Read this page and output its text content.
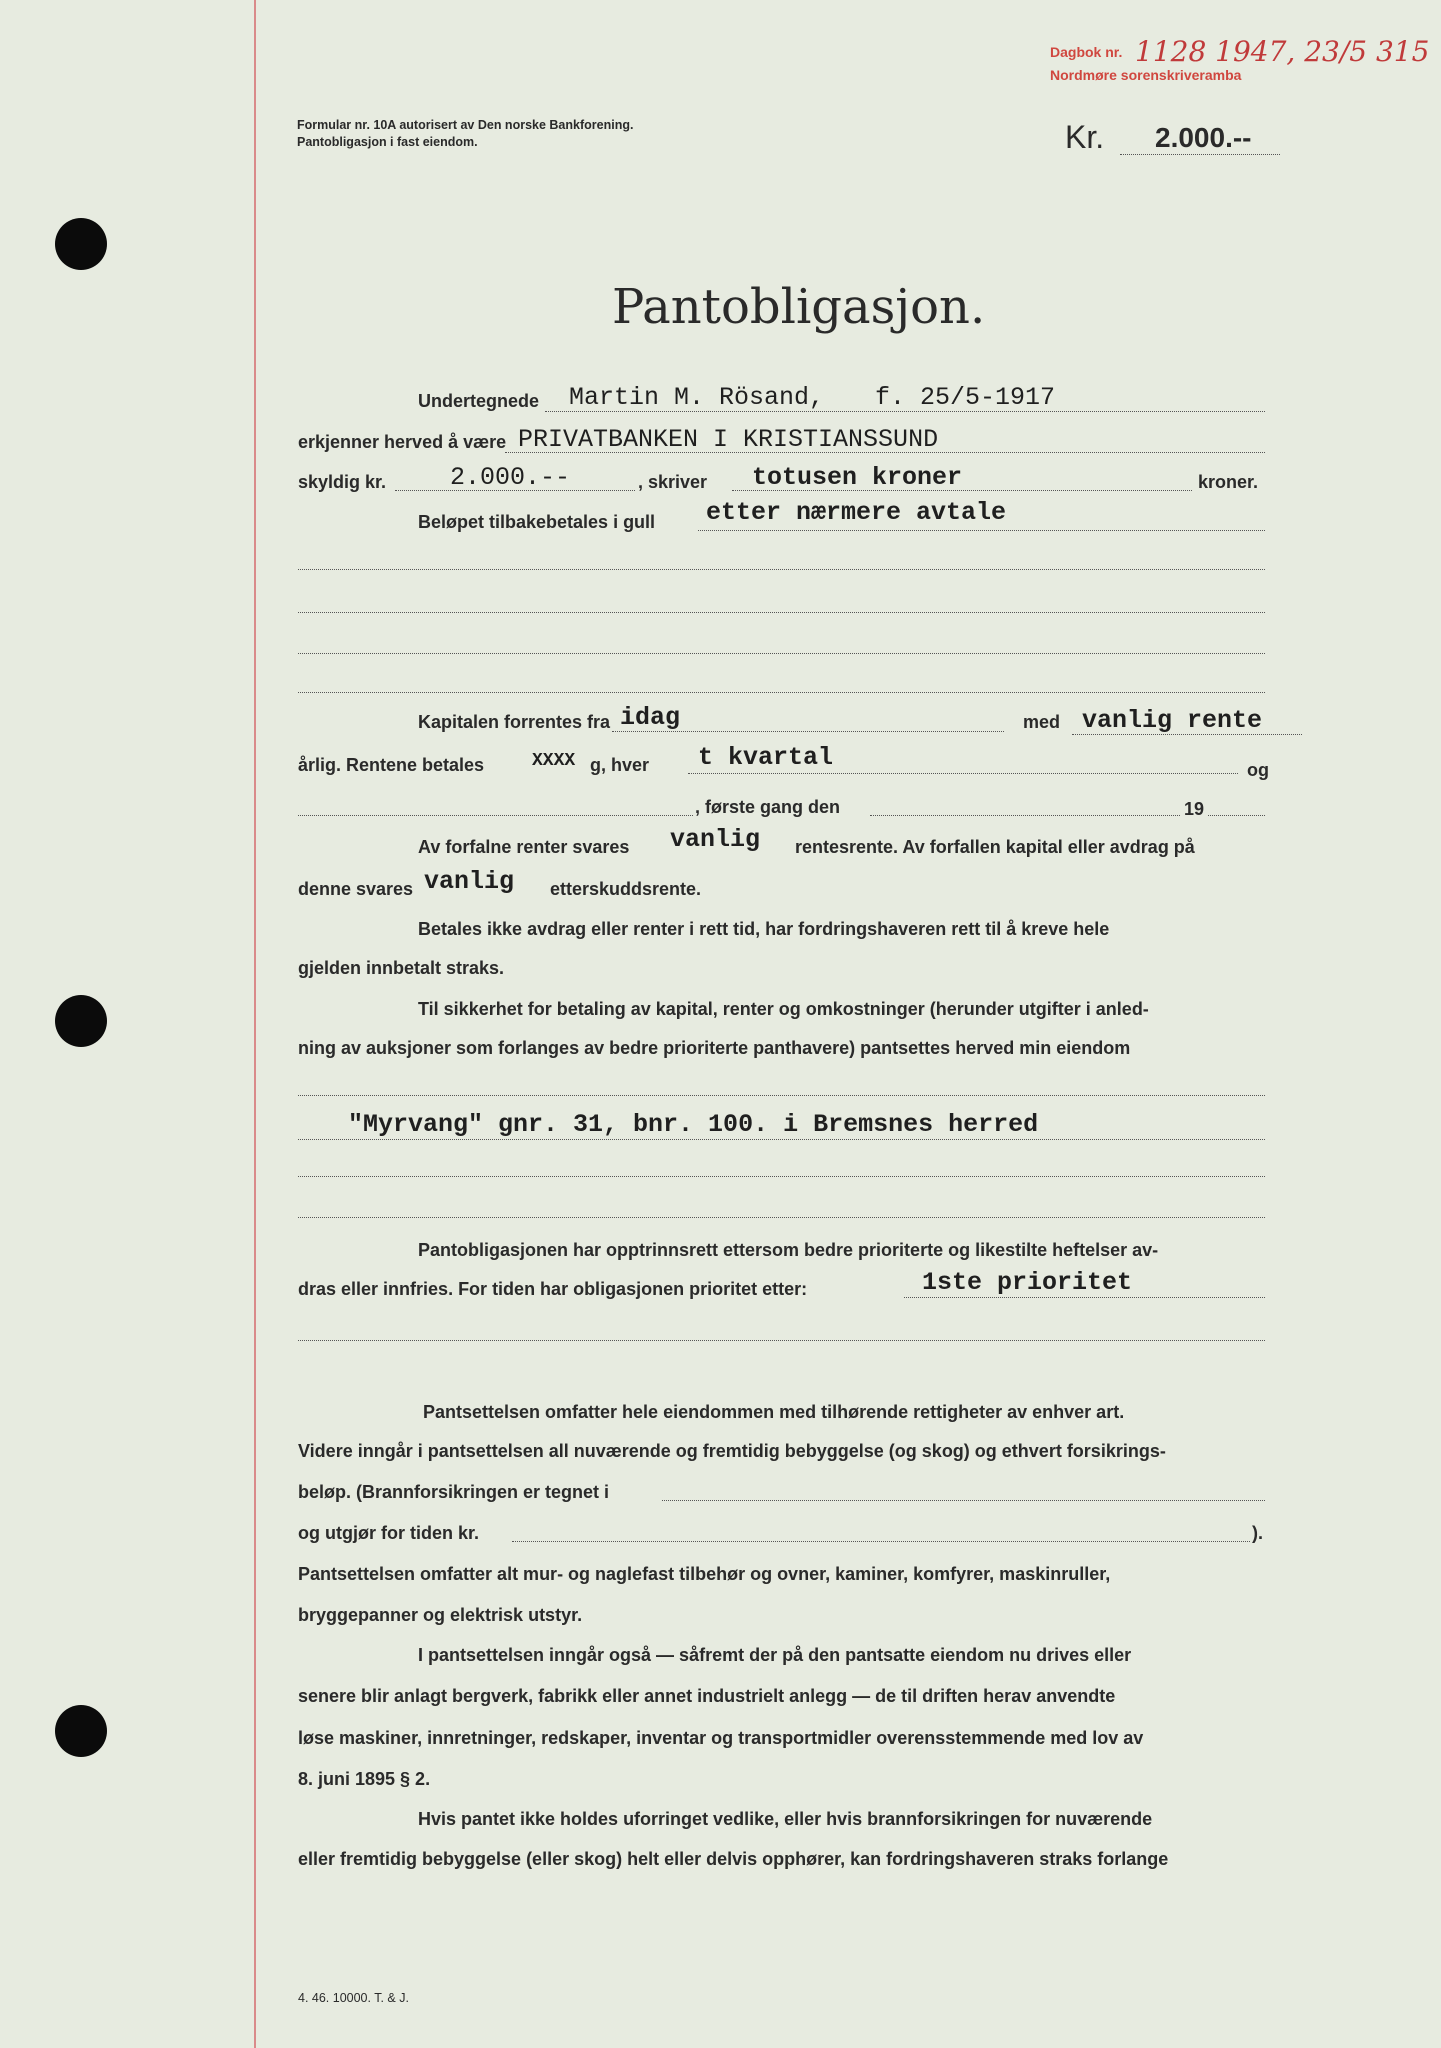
Dagbok nr.
Nordmøre sorenskriveramba
1128 1947, 23/5 315
Formular nr. 10A autorisert av Den norske Bankforening.
Pantobligasjon i fast eiendom.	Kr. 2.000.--
Pantobligasjon.
Undertegnede Martin M. Rösand, f. 25/5-1917
erkjenner herved å være PRIVATBANKEN I KRISTIANSSUND
skyldig kr.	2.000.--	, skriver totusen kroner	kroner.
Beløpet tilbakebetales i gull etter nærmere avtale
Kapitalen forrentes fra idag	med vanlig rente
årlig. Rentene betales	XXXX g, hver t kvartal	og
, første gang den	19
Av forfalne renter svares vanlig rentesrente. Av forfallen kapital eller avdrag på
denne svares vanlig etterskuddsrente.
Betales ikke avdrag eller renter i rett tid, har fordringshaveren rett til å kreve hele
gjelden innbetalt straks.
Til sikkerhet for betaling av kapital, renter og omkostninger (herunder utgifter i anled-
ning av auksjoner som forlanges av bedre prioriterte panthavere) pantsettes herved min eiendom
"Myrvang" gnr. 31, bnr. 100. i Bremsnes herred
Pantobligasjonen har opptrinnsrett ettersom bedre prioriterte og likestilte heftelser av-
dras eller innfries. For tiden har obligasjonen prioritet etter:	1ste prioritet
Pantsettelsen omfatter hele eiendommen med tilhørende rettigheter av enhver art.
Videre inngår i pantsettelsen all nuværende og fremtidig bebyggelse (og skog) og ethvert forsikrings-
beløp. (Brannforsikringen er tegnet i
og utgjør for tiden kr.	).
Pantsettelsen omfatter alt mur- og naglefast tilbehør og ovner, kaminer, komfyrer, maskinruller,
bryggepanner og elektrisk utstyr.
I pantsettelsen inngår også — såfremt der på den pantsatte eiendom nu drives eller
senere blir anlagt bergverk, fabrikk eller annet industrielt anlegg — de til driften herav anvendte
løse maskiner, innretninger, redskaper, inventar og transportmidler overensstemmende med lov av
8. juni 1895 § 2.
Hvis pantet ikke holdes uforringet vedlike, eller hvis brannforsikringen for nuværende
eller fremtidig bebyggelse (eller skog) helt eller delvis opphører, kan fordringshaveren straks forlange
4. 46. 10000. T. & J.
